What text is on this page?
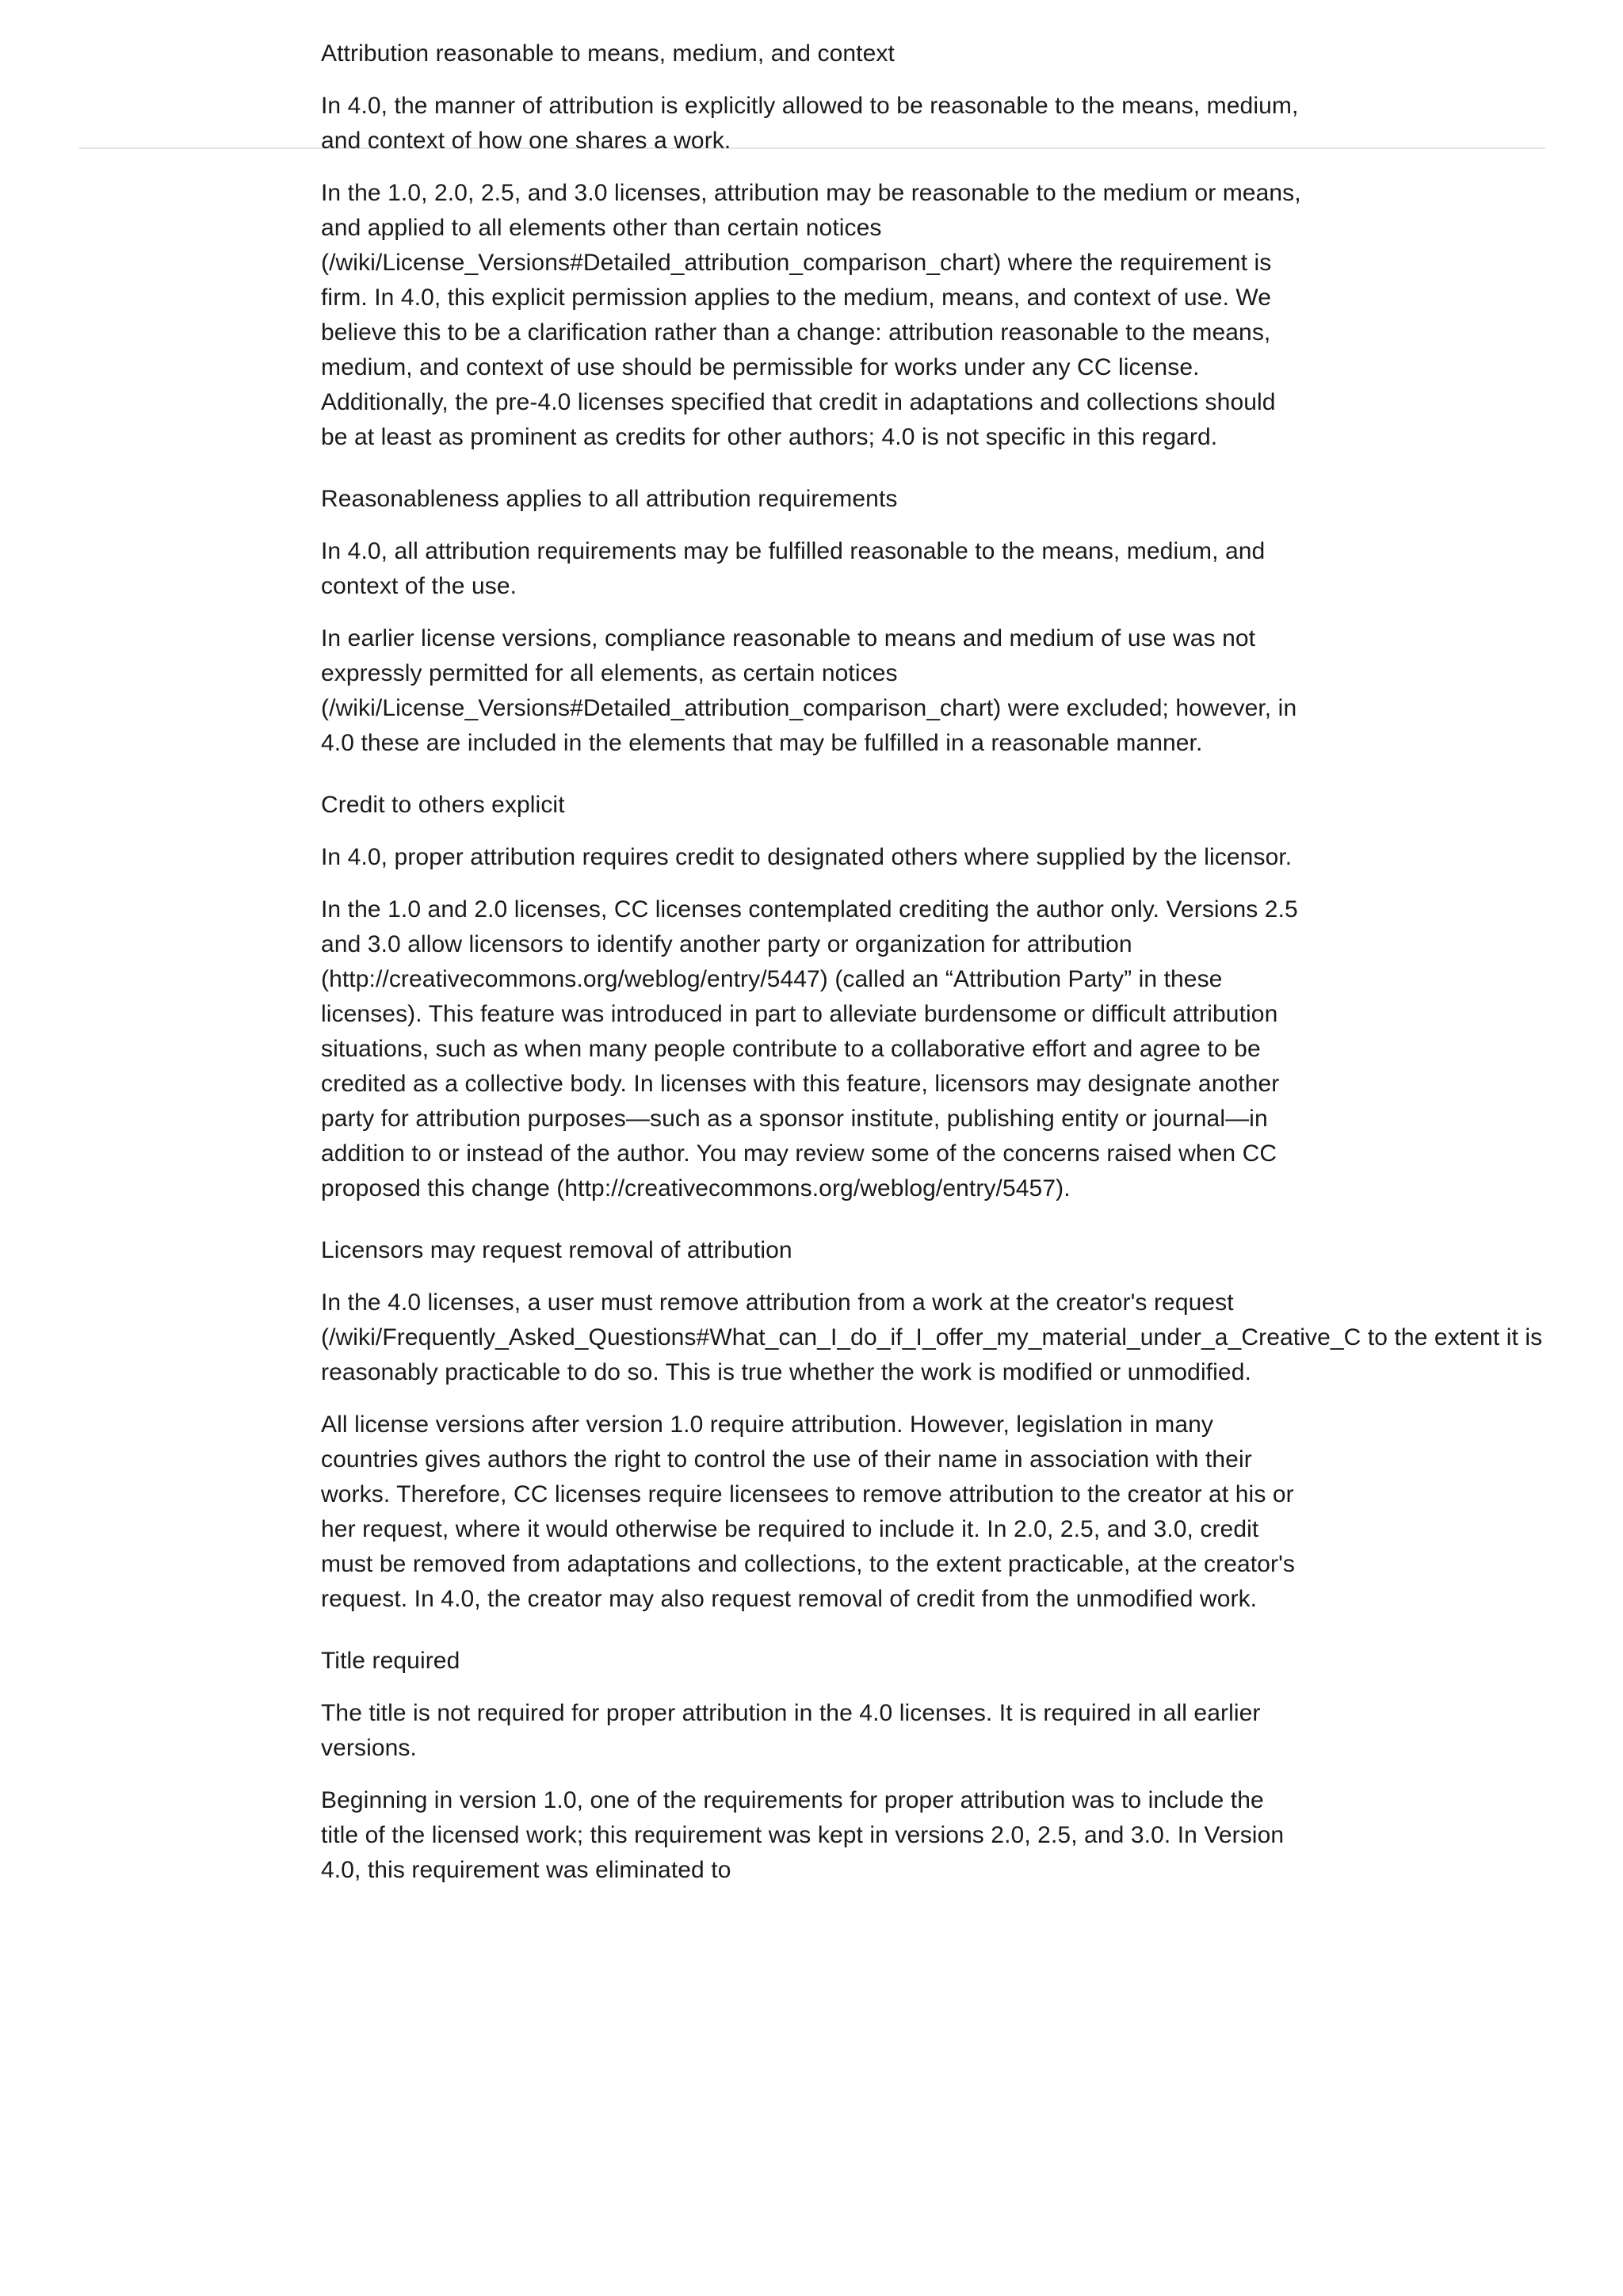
Attribution reasonable to means, medium, and context
In 4.0, the manner of attribution is explicitly allowed to be reasonable to the means, medium, and context of how one shares a work.
In the 1.0, 2.0, 2.5, and 3.0 licenses, attribution may be reasonable to the medium or means, and applied to all elements other than certain notices (/wiki/License_Versions#Detailed_attribution_comparison_chart) where the requirement is firm. In 4.0, this explicit permission applies to the medium, means, and context of use. We believe this to be a clarification rather than a change: attribution reasonable to the means, medium, and context of use should be permissible for works under any CC license. Additionally, the pre-4.0 licenses specified that credit in adaptations and collections should be at least as prominent as credits for other authors; 4.0 is not specific in this regard.
Reasonableness applies to all attribution requirements
In 4.0, all attribution requirements may be fulfilled reasonable to the means, medium, and context of the use.
In earlier license versions, compliance reasonable to means and medium of use was not expressly permitted for all elements, as certain notices (/wiki/License_Versions#Detailed_attribution_comparison_chart) were excluded; however, in 4.0 these are included in the elements that may be fulfilled in a reasonable manner.
Credit to others explicit
In 4.0, proper attribution requires credit to designated others where supplied by the licensor.
In the 1.0 and 2.0 licenses, CC licenses contemplated crediting the author only. Versions 2.5 and 3.0 allow licensors to identify another party or organization for attribution (http://creativecommons.org/weblog/entry/5447) (called an “Attribution Party” in these licenses). This feature was introduced in part to alleviate burdensome or difficult attribution situations, such as when many people contribute to a collaborative effort and agree to be credited as a collective body. In licenses with this feature, licensors may designate another party for attribution purposes—such as a sponsor institute, publishing entity or journal—in addition to or instead of the author. You may review some of the concerns raised when CC proposed this change (http://creativecommons.org/weblog/entry/5457).
Licensors may request removal of attribution
In the 4.0 licenses, a user must remove attribution from a work at the creator's request (/wiki/Frequently_Asked_Questions#What_can_I_do_if_I_offer_my_material_under_a_Creative_C to the extent it is reasonably practicable to do so. This is true whether the work is modified or unmodified.
All license versions after version 1.0 require attribution. However, legislation in many countries gives authors the right to control the use of their name in association with their works. Therefore, CC licenses require licensees to remove attribution to the creator at his or her request, where it would otherwise be required to include it. In 2.0, 2.5, and 3.0, credit must be removed from adaptations and collections, to the extent practicable, at the creator's request. In 4.0, the creator may also request removal of credit from the unmodified work.
Title required
The title is not required for proper attribution in the 4.0 licenses. It is required in all earlier versions.
Beginning in version 1.0, one of the requirements for proper attribution was to include the title of the licensed work; this requirement was kept in versions 2.0, 2.5, and 3.0. In Version 4.0, this requirement was eliminated to
